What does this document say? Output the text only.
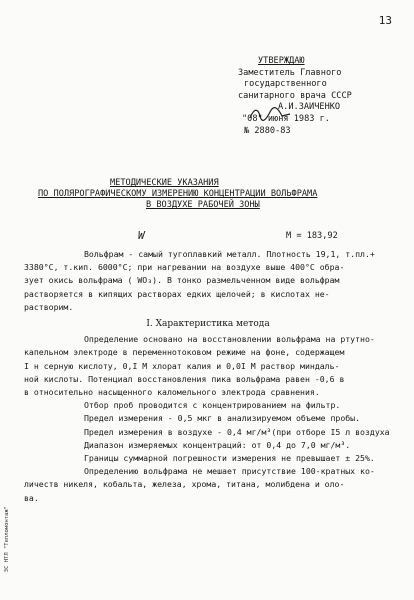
13
УТВЕРЖДАЮ
Заместитель Главного
государственного
санитарного врача СССР
А.И.ЗАИЧЕНКО
"08" июня 1983 г.
№ 2880-83
МЕТОДИЧЕСКИЕ УКАЗАНИЯ
ПО ПОЛЯРОГРАФИЧЕСКОМУ ИЗМЕРЕНИЮ КОНЦЕНТРАЦИИ ВОЛЬФРАМА
В ВОЗДУХЕ РАБОЧЕЙ ЗОНЫ
W	М = 183,92

Вольфрам - самый тугоплавкий металл. Плотность 19,1, т.пл.+

3380°С, т.кип. 6000°С; при нагревании на воздухе выше 400°С обра-

зует окись вольфрама ( WO₃). В тонко размельченном виде вольфрам

растворяется в кипящих растворах едких щелочей; в кислотах не-

растворим.

I. Характеристика метода

Определение основано на восстановлении вольфрама на ртутно-

капельном электроде в переменнотоковом режиме на фоне, содержащем

I н серную кислоту, 0,I М хлорат калия и 0,0I М раствор миндаль-

ной кислоты. Потенциал восстановления пика вольфрама равен -0,6 в

в относительно насыщенного каломельного электрода сравнения.

Отбор проб проводится с концентрированием на фильтр.

Предел измерения - 0,5 мкг в анализируемом объеме пробы.

Предел измерения в воздухе - 0,4 мг/м³(при отборе I5 л воздуха

Диапазон измеряемых концентраций: от 0,4 до 7,0 мг/м³.

Границы суммарной погрешности измерения не превышает ± 25%.

Определению вольфрама не мешает присутствие 100-кратных ко-

личеств никеля, кобальта, железа, хрома, титана, молибдена и оло-

ва.

ЗС НТЛ "Тепломонтаж"
